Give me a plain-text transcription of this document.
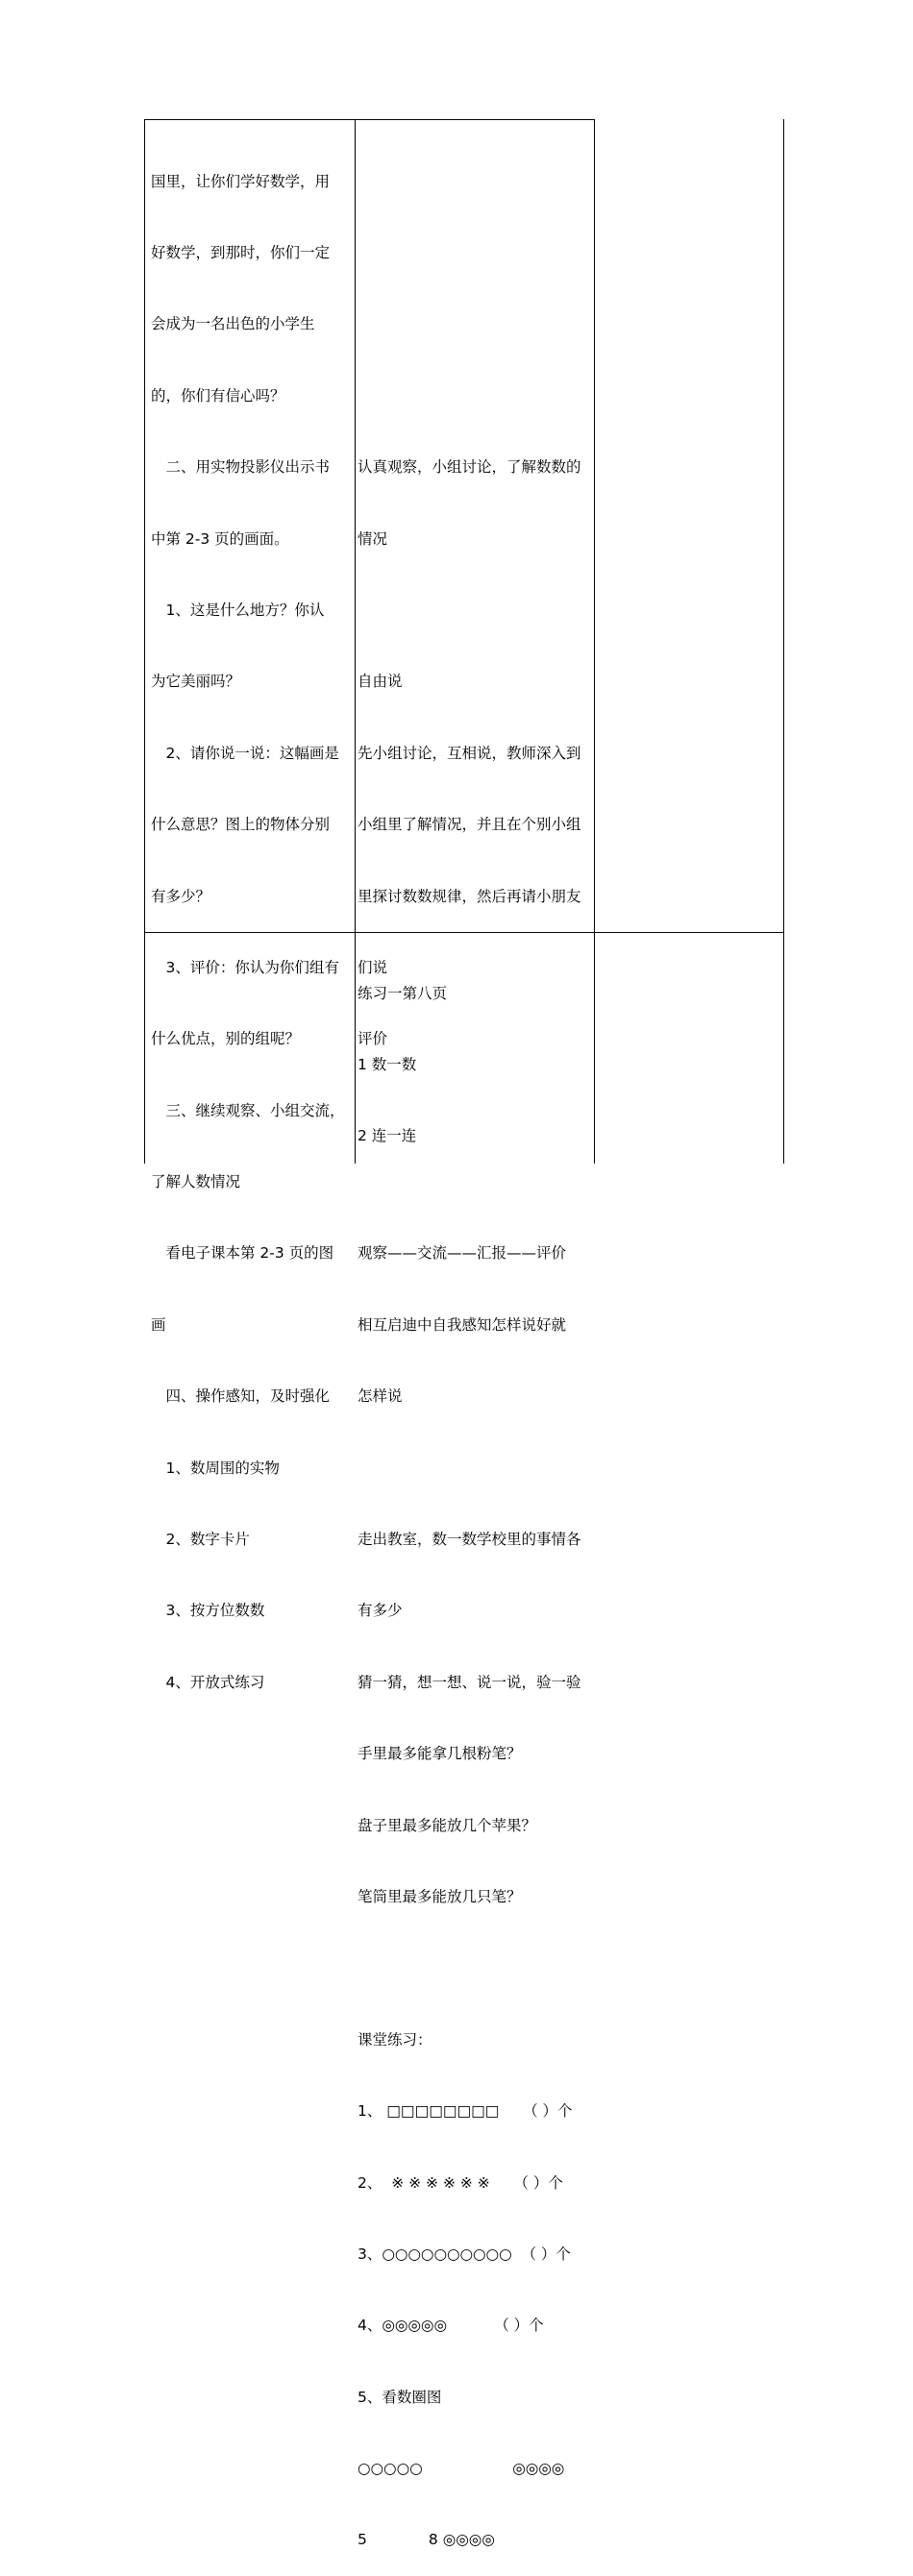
国里，让你们学好数学，用

好数学，到那时，你们一定

会成为一名出色的小学生

的，你们有信心吗？

　二、用实物投影仪出示书

中第 2-3 页的画面。

　1、这是什么地方？你认

为它美丽吗？

　2、请你说一说：这幅画是

什么意思？图上的物体分别

有多少？

　3、评价：你认为你们组有

什么优点，别的组呢？

　三、继续观察、小组交流，

了解人数情况

　看电子课本第 2-3 页的图

画

　四、操作感知，及时强化

　1、数周围的实物

　2、数字卡片

　3、按方位数数

　4、开放式练习

认真观察，小组讨论，了解数数的

情况

自由说

先小组讨论，互相说，教师深入到

小组里了解情况，并且在个别小组

里探讨数数规律，然后再请小朋友

们说

评价

观察——交流——汇报——评价

相互启迪中自我感知怎样说好就

怎样说

走出教室，数一数学校里的事情各

有多少

猜一猜，想一想、说一说，验一验

手里最多能拿几根粉笔？

盘子里最多能放几个苹果？

笔筒里最多能放几只笔？

课堂练习：

1、 □□□□□□□□     （ ）个

2、  ※ ※ ※ ※ ※ ※     （ ）个

3、○○○○○○○○○○  （ ）个

4、◎◎◎◎◎          （ ）个

5、看数圈图

○○○○○                   ◎◎◎◎

5             8 ◎◎◎◎

练习一第八页

1 数一数

2 连一连
